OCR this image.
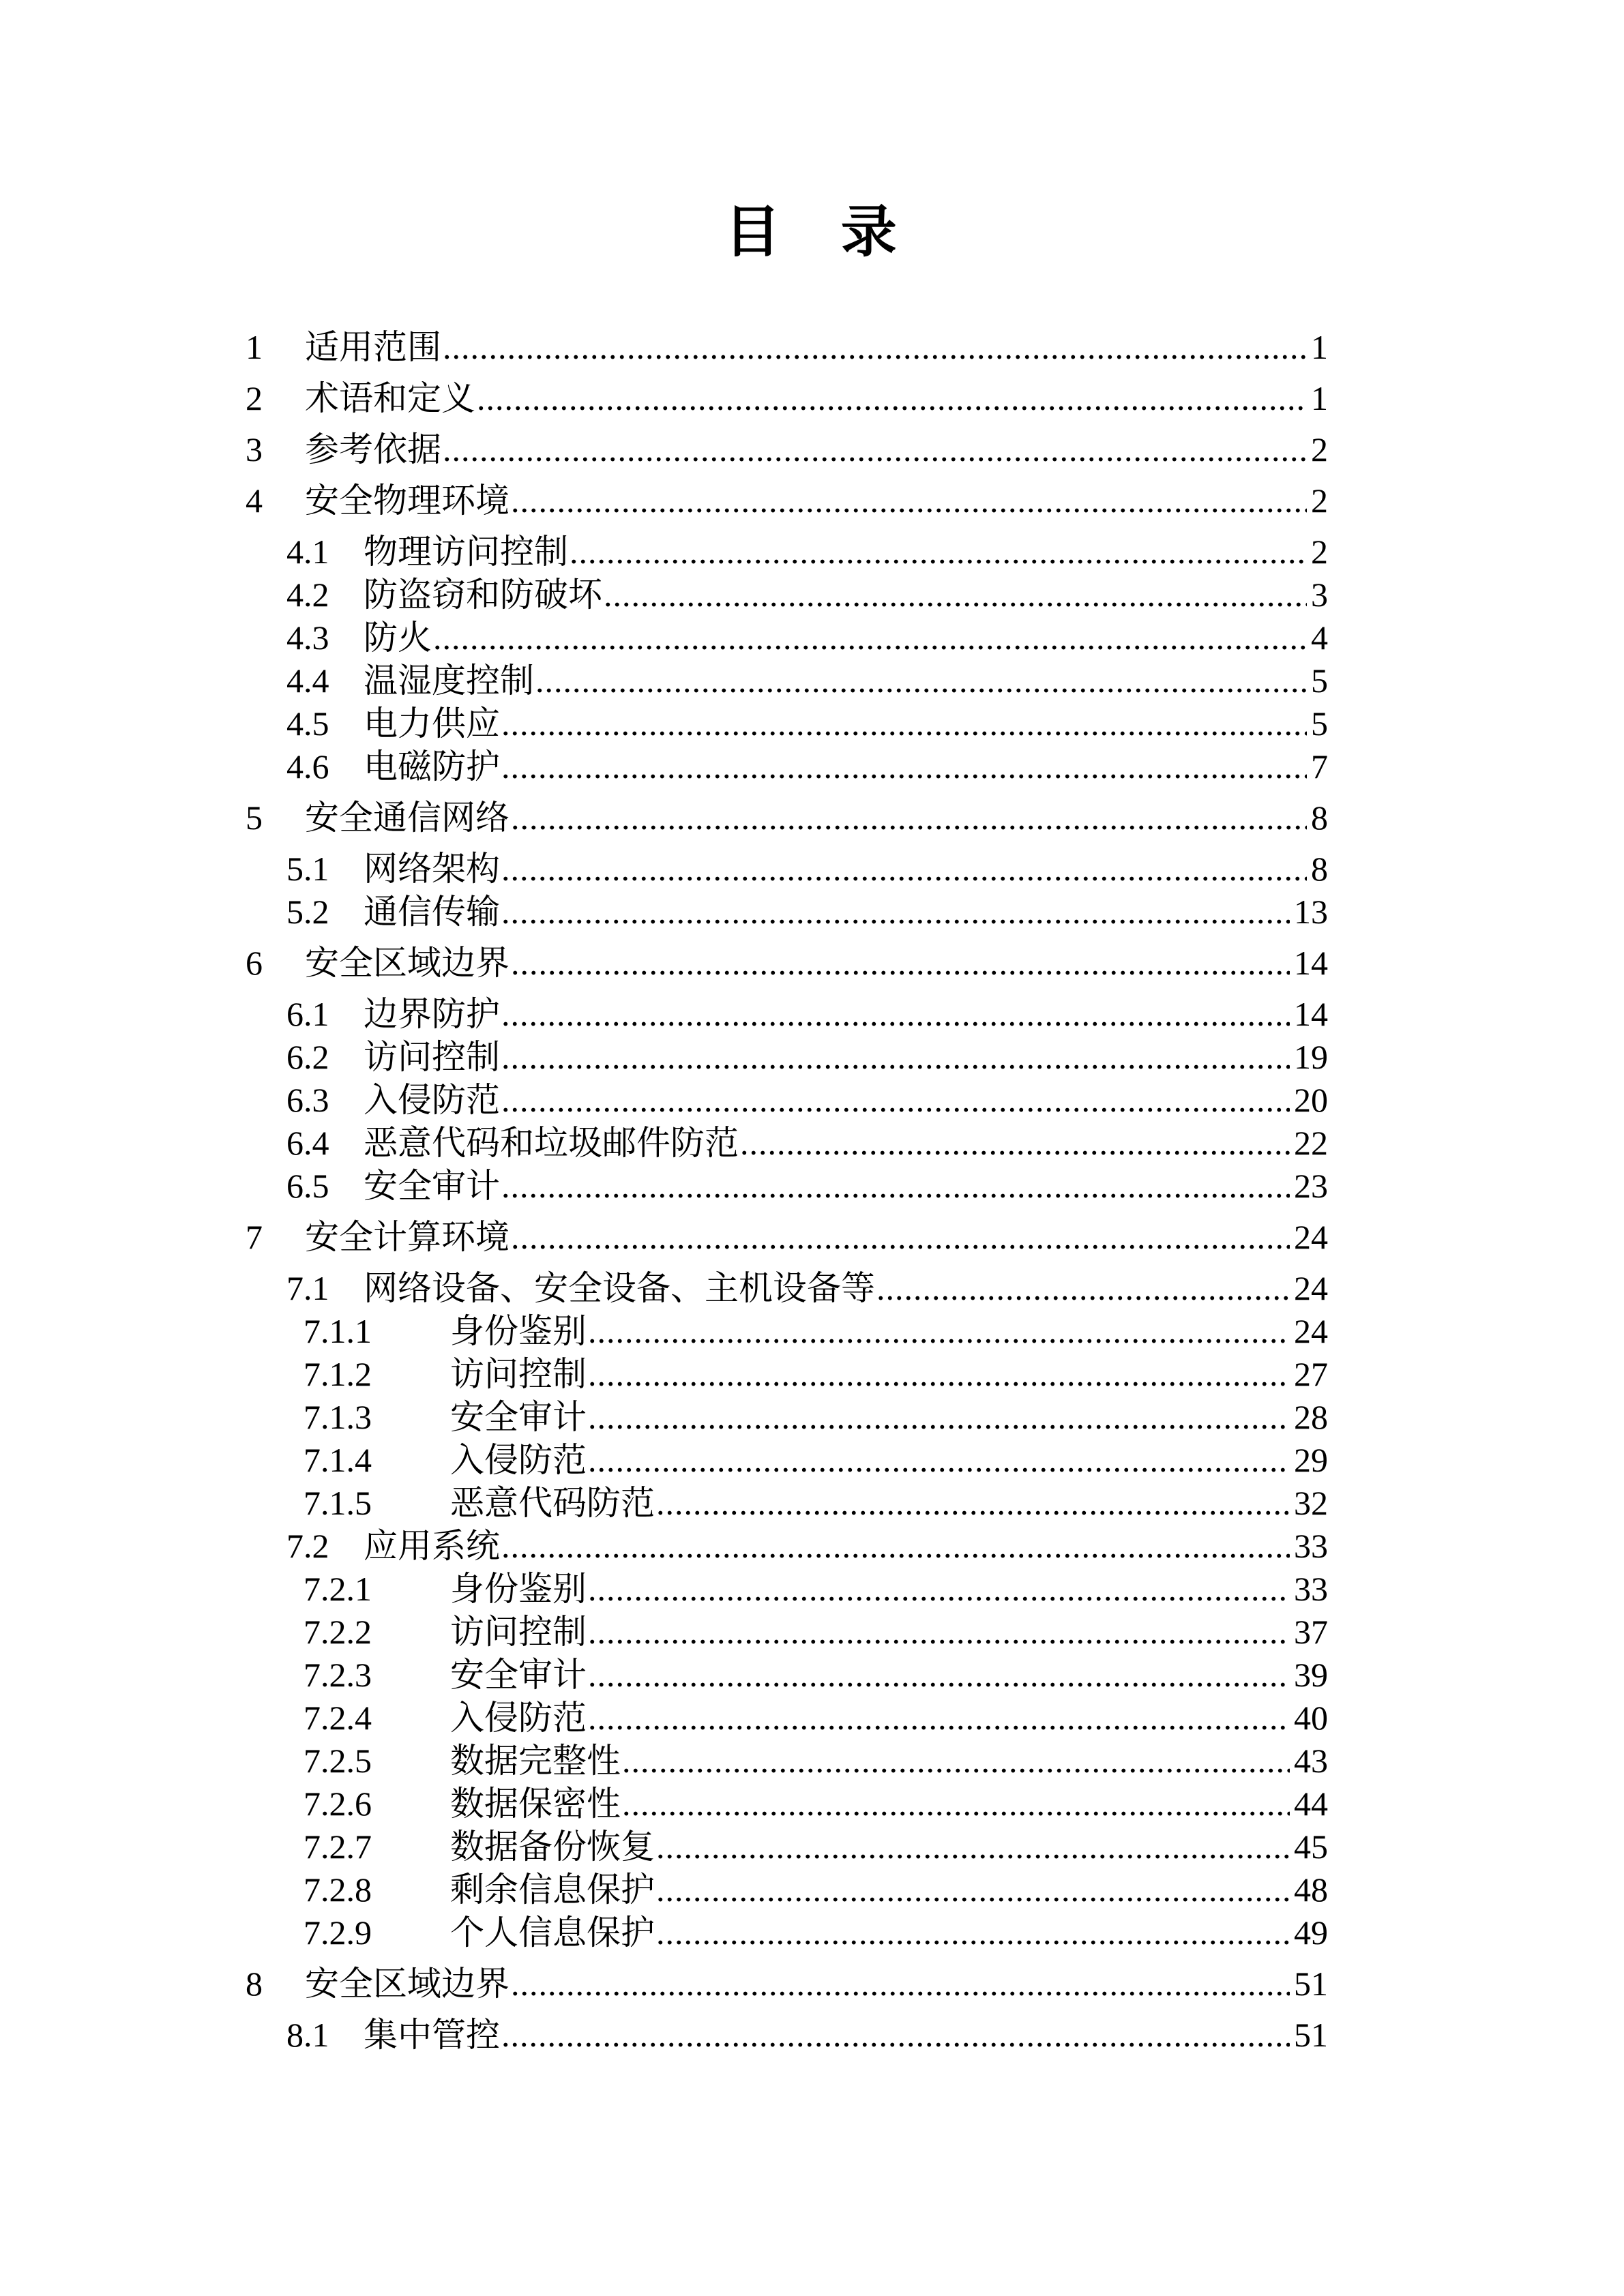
目 录
1	适用范围 .....	1
2	术语和定义 .....	1
3	参考依据 .....	2
4	安全物理环境 .....	2
4.1	物理访问控制 .....	2
4.2	防盗窃和防破坏 .....	3
4.3	防火 .....	4
4.4	温湿度控制 .....	5
4.5	电力供应 .....	5
4.6	电磁防护 .....	7
5	安全通信网络 .....	8
5.1	网络架构 .....	8
5.2	通信传输 .....	13
6	安全区域边界 .....	14
6.1	边界防护 .....	14
6.2	访问控制 .....	19
6.3	入侵防范 .....	20
6.4	恶意代码和垃圾邮件防范 .....	22
6.5	安全审计 .....	23
7	安全计算环境 .....	24
7.1	网络设备、安全设备、主机设备等 .....	24
7.1.1	身份鉴别 .....	24
7.1.2	访问控制 .....	27
7.1.3	安全审计 .....	28
7.1.4	入侵防范 .....	29
7.1.5	恶意代码防范 .....	32
7.2	应用系统 .....	33
7.2.1	身份鉴别 .....	33
7.2.2	访问控制 .....	37
7.2.3	安全审计 .....	39
7.2.4	入侵防范 .....	40
7.2.5	数据完整性 .....	43
7.2.6	数据保密性 .....	44
7.2.7	数据备份恢复 .....	45
7.2.8	剩余信息保护 .....	48
7.2.9	个人信息保护 .....	49
8	安全区域边界 .....	51
8.1	集中管控 .....	51
